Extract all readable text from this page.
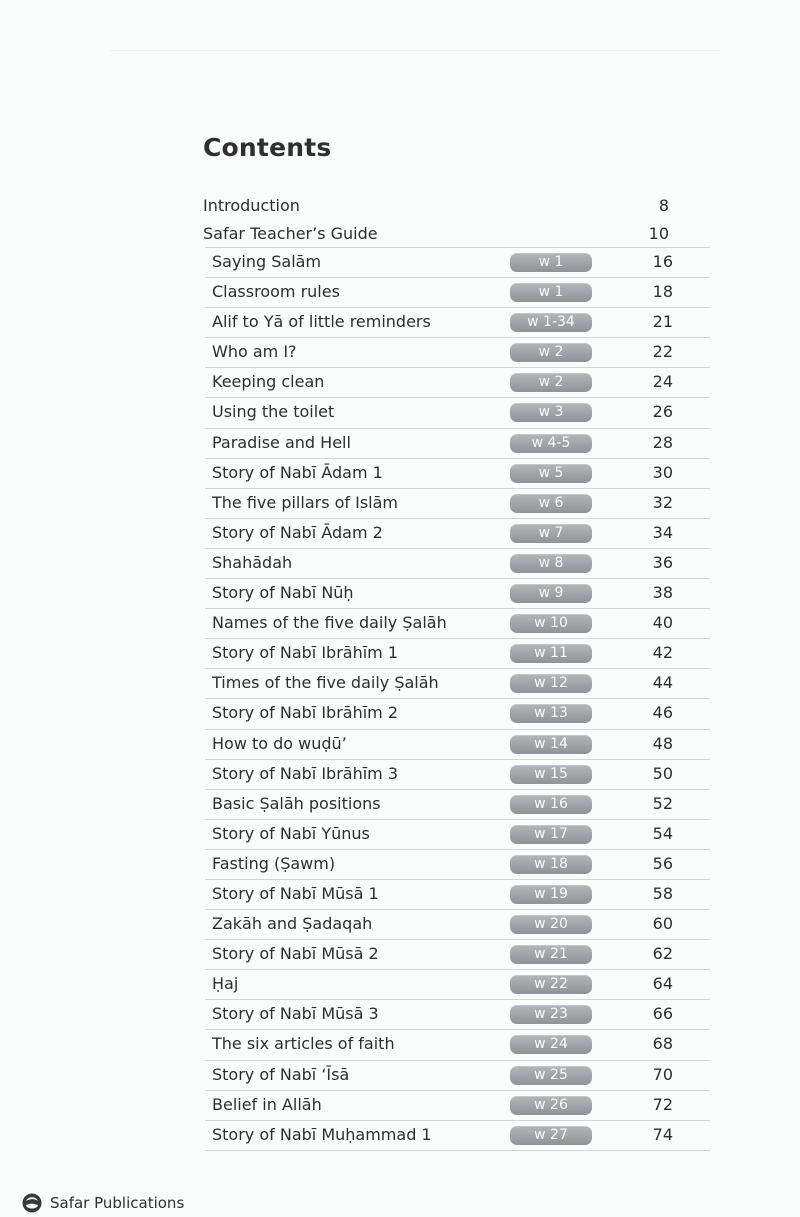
Contents
Introduction	8
Safar Teacher’s Guide	10
Saying Salām	w 1	16
Classroom rules	w 1	18
Alif to Yā of little reminders	w 1-34	21
Who am I?	w 2	22
Keeping clean	w 2	24
Using the toilet	w 3	26
Paradise and Hell	w 4-5	28
Story of Nabī Ādam 1	w 5	30
The five pillars of Islām	w 6	32
Story of Nabī Ādam 2	w 7	34
Shahādah	w 8	36
Story of Nabī Nūḥ	w 9	38
Names of the five daily Ṣalāh	w 10	40
Story of Nabī Ibrāhīm 1	w 11	42
Times of the five daily Ṣalāh	w 12	44
Story of Nabī Ibrāhīm 2	w 13	46
How to do wuḍū’	w 14	48
Story of Nabī Ibrāhīm 3	w 15	50
Basic Ṣalāh positions	w 16	52
Story of Nabī Yūnus	w 17	54
Fasting (Ṣawm)	w 18	56
Story of Nabī Mūsā 1	w 19	58
Zakāh and Ṣadaqah	w 20	60
Story of Nabī Mūsā 2	w 21	62
Ḥaj	w 22	64
Story of Nabī Mūsā 3	w 23	66
The six articles of faith	w 24	68
Story of Nabī ‘Īsā	w 25	70
Belief in Allāh	w 26	72
Story of Nabī Muḥammad 1	w 27	74
Safar Publications
